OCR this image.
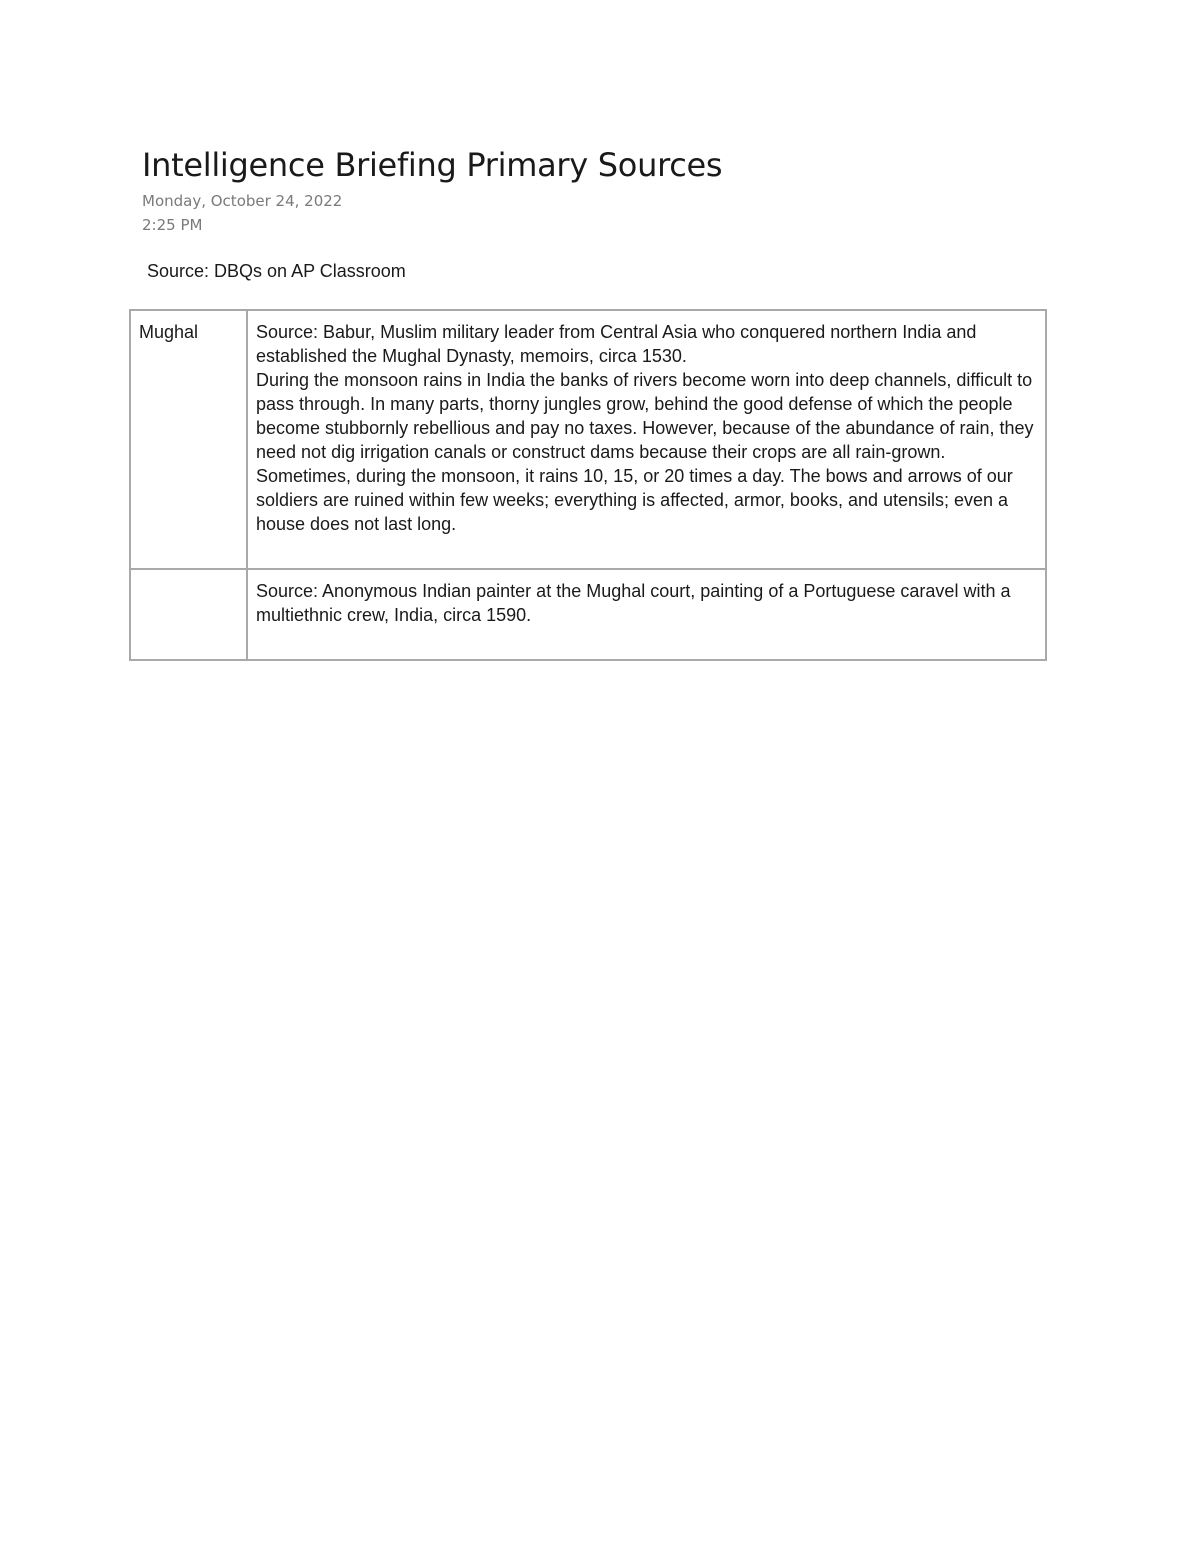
Intelligence Briefing Primary Sources
Monday, October 24, 2022
2:25 PM
Source: DBQs on AP Classroom
Mughal	Source: Babur, Muslim military leader from Central Asia who conquered northern India and established the Mughal Dynasty, memoirs, circa 1530.
During the monsoon rains in India the banks of rivers become worn into deep channels, difficult to pass through. In many parts, thorny jungles grow, behind the good defense of which the people become stubbornly rebellious and pay no taxes. However, because of the abundance of rain, they need not dig irrigation canals or construct dams because their crops are all rain-grown.
Sometimes, during the monsoon, it rains 10, 15, or 20 times a day. The bows and arrows of our soldiers are ruined within few weeks; everything is affected, armor, books, and utensils; even a house does not last long.

	Source: Anonymous Indian painter at the Mughal court, painting of a Portuguese caravel with a multiethnic crew, India, circa 1590.
